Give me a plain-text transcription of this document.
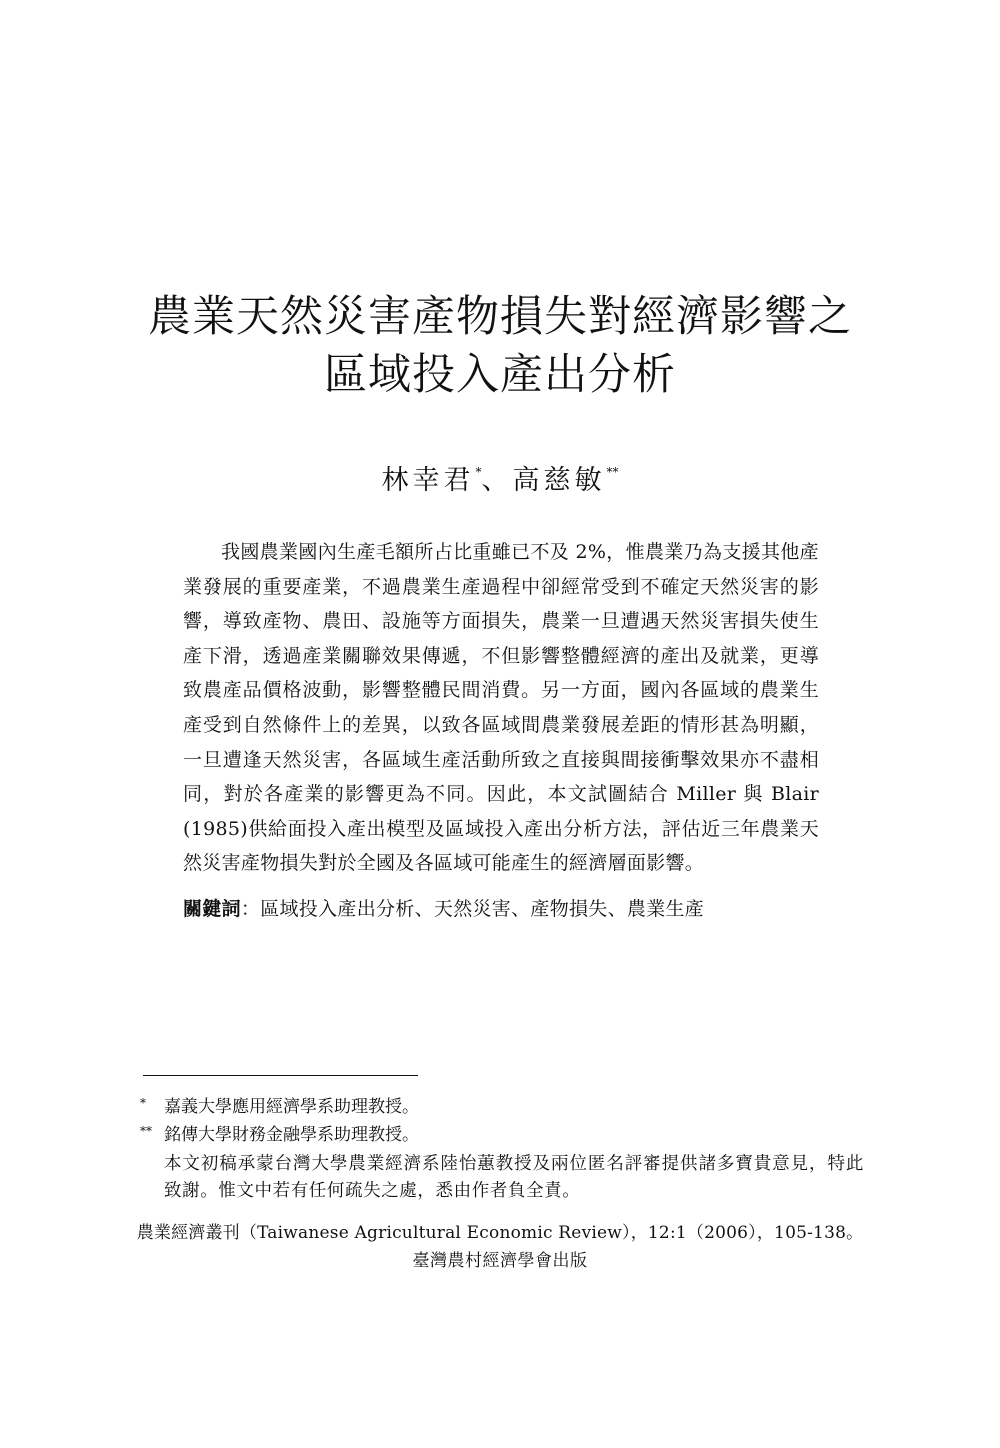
農業天然災害產物損失對經濟影響之
區域投入產出分析
林幸君*、高慈敏**

我國農業國內生產毛額所占比重雖已不及 2%，惟農業乃為支援其他產業發展的重要產業，不過農業生產過程中卻經常受到不確定天然災害的影響，導致產物、農田、設施等方面損失，農業一旦遭遇天然災害損失使生產下滑，透過產業關聯效果傳遞，不但影響整體經濟的產出及就業，更導致農產品價格波動，影響整體民間消費。另一方面，國內各區域的農業生產受到自然條件上的差異，以致各區域間農業發展差距的情形甚為明顯，一旦遭逢天然災害，各區域生產活動所致之直接與間接衝擊效果亦不盡相同，對於各產業的影響更為不同。因此，本文試圖結合 Miller 與 Blair (1985)供給面投入產出模型及區域投入產出分析方法，評估近三年農業天然災害產物損失對於全國及各區域可能產生的經濟層面影響。

關鍵詞：區域投入產出分析、天然災害、產物損失、農業生產
* 嘉義大學應用經濟學系助理教授。
** 銘傳大學財務金融學系助理教授。
本文初稿承蒙台灣大學農業經濟系陸怡蕙教授及兩位匿名評審提供諸多寶貴意見，特此致謝。惟文中若有任何疏失之處，悉由作者負全責。
農業經濟叢刊（Taiwanese Agricultural Economic Review），12:1（2006），105-138。
臺灣農村經濟學會出版
